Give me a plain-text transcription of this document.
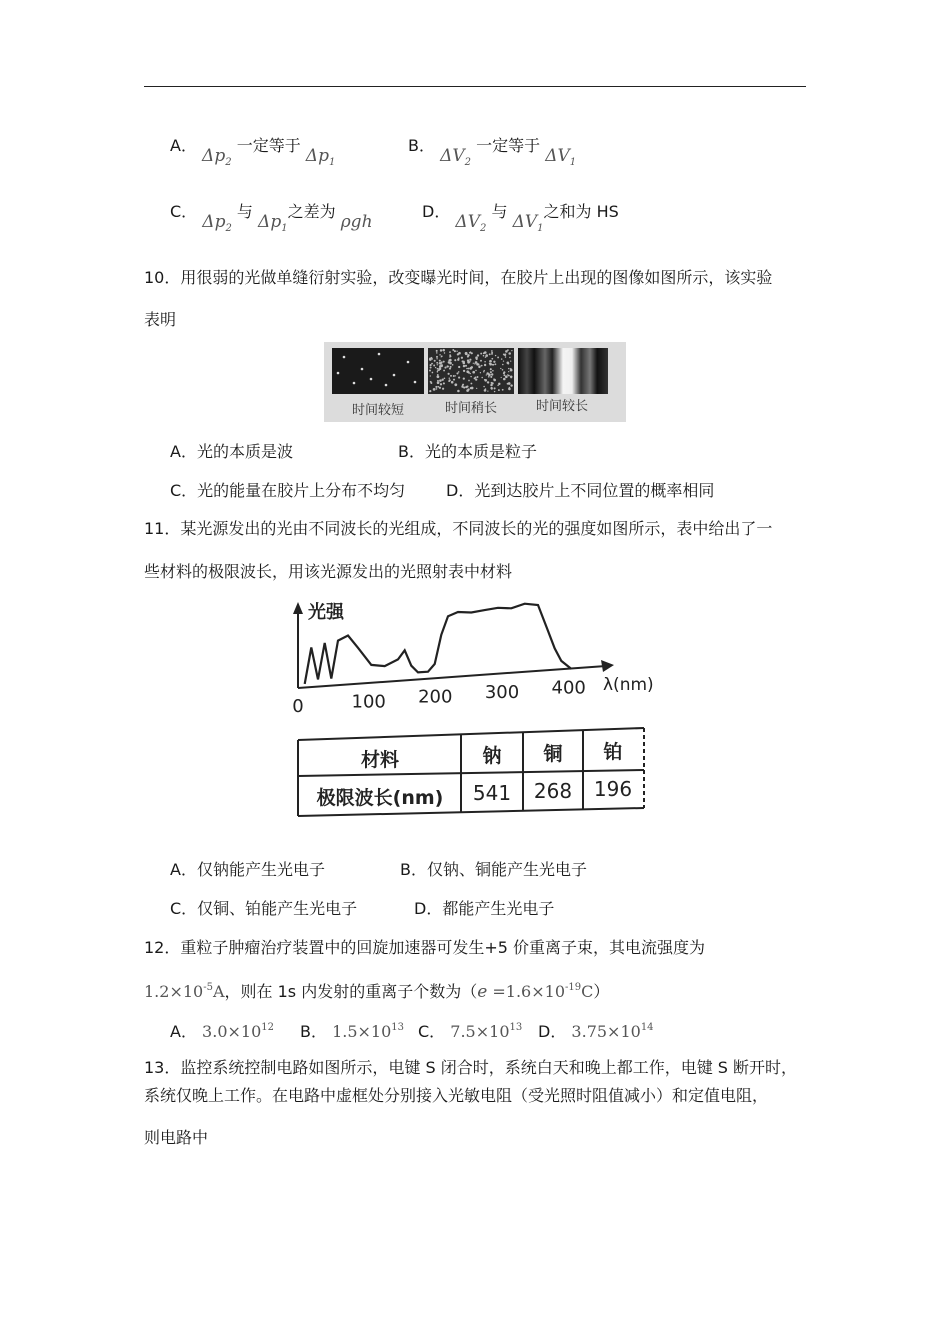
A． $\Delta p_2$ 一定等于 $\Delta p_1$
B． $\Delta V_2$ 一定等于 $\Delta V_1$
C． $\Delta p_2$ 与 $\Delta p_1$之差为 ρgh
D． $\Delta V_2$ 与 $\Delta V_1$之和为 HS
10．用很弱的光做单缝衍射实验，改变曝光时间，在胶片上出现的图像如图所示，该实验
表明
时间较短	时间稍长	时间较长
A．光的本质是波	B．光的本质是粒子
C．光的能量在胶片上分布不均匀	D．光到达胶片上不同位置的概率相同
11．某光源发出的光由不同波长的光组成，不同波长的光的强度如图所示，表中给出了一
些材料的极限波长，用该光源发出的光照射表中材料
光强
λ(nm)
0	100 200 300 400
材料	钠 铜 铂
极限波长(nm) 541 268 196
A．仅钠能产生光电子	B．仅钠、铜能产生光电子
C．仅铜、铂能产生光电子	D．都能产生光电子
12．重粒子肿瘤治疗装置中的回旋加速器可发生+5 价重离子束，其电流强度为
$1.2\times 10^{-5}A$，则在 1s 内发射的重离子个数为$(e =1.6\times 10^{-19}C)$
A． $3.0\times 10^{12}$ B． $1.5\times 10^{13}$ C． $7.5\times 10^{13}$ D． $3.75\times 10^{14}$
13．监控系统控制电路如图所示，电键 S 闭合时，系统白天和晚上都工作，电键 S 断开时，
系统仅晚上工作。在电路中虚框处分别接入光敏电阻（受光照时阻值减小）和定值电阻，
则电路中
